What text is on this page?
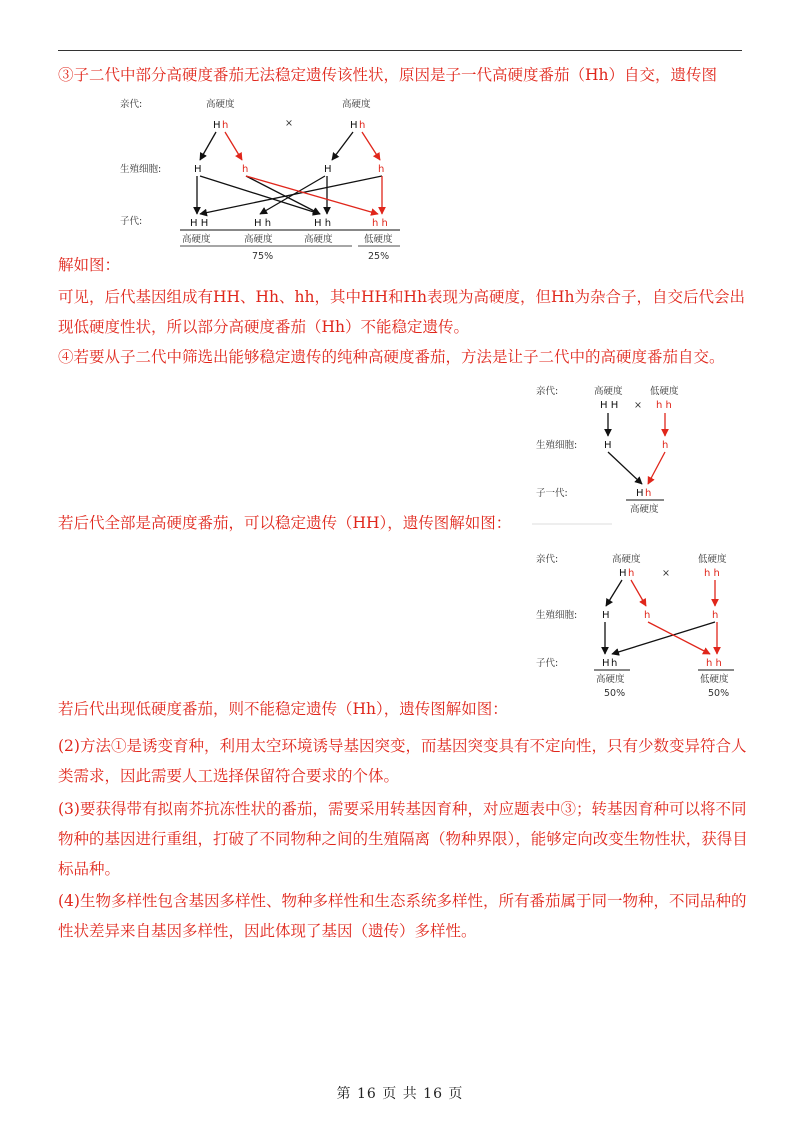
③子二代中部分高硬度番茄无法稳定遗传该性状，原因是子一代高硬度番茄（Hh）自交，遗传图

亲代:
生殖细胞:
子代:
高硬度	高硬度
×
H h	H h
H	h	H	h
H H	H h	H h	h h
高硬度	高硬度	高硬度	低硬度
75%	25%

解如图：

可见，后代基因组成有HH、Hh、hh，其中HH和Hh表现为高硬度，但Hh为杂合子，自交后代会出现低硬度性状，所以部分高硬度番茄（Hh）不能稳定遗传。

④若要从子二代中筛选出能够稳定遗传的纯种高硬度番茄，方法是让子二代中的高硬度番茄自交。

亲代:
生殖细胞:
子一代:
高硬度	低硬度
H H × h h
H	h
H h
高硬度

若后代全部是高硬度番茄，可以稳定遗传（HH），遗传图解如图：

亲代:
生殖细胞:
子代:
高硬度	低硬度
H h	×	h h
H	h	h
H h	h h
高硬度	低硬度
50%	50%

若后代出现低硬度番茄，则不能稳定遗传（Hh），遗传图解如图：

(2)方法①是诱变育种，利用太空环境诱导基因突变，而基因突变具有不定向性，只有少数变异符合人类需求，因此需要人工选择保留符合要求的个体。

(3)要获得带有拟南芥抗冻性状的番茄，需要采用转基因育种，对应题表中③；转基因育种可以将不同物种的基因进行重组，打破了不同物种之间的生殖隔离（物种界限），能够定向改变生物性状，获得目标品种。

(4)生物多样性包含基因多样性、物种多样性和生态系统多样性，所有番茄属于同一物种，不同品种的性状差异来自基因多样性，因此体现了基因（遗传）多样性。

第 16 页 共 16 页
